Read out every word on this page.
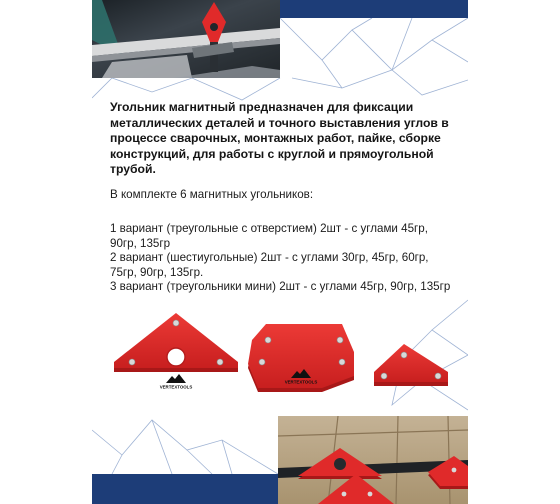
Угольник магнитный предназначен для фиксации металлических деталей и точного выставления углов в процессе сварочных, монтажных работ, пайке, сборке конструкций, для работы с круглой и прямоугольной трубой.

В комплекте 6 магнитных угольников:

1 вариант (треугольные с отверстием) 2шт - с углами 45гр, 90гр, 135гр

2 вариант (шестиугольные) 2шт - с углами 30гр, 45гр, 60гр, 75гр, 90гр, 135гр.

3 вариант (треугольники мини) 2шт - с углами 45гр, 90гр, 135гр

VERTEXTOOLS
VERTEXTOOLS
